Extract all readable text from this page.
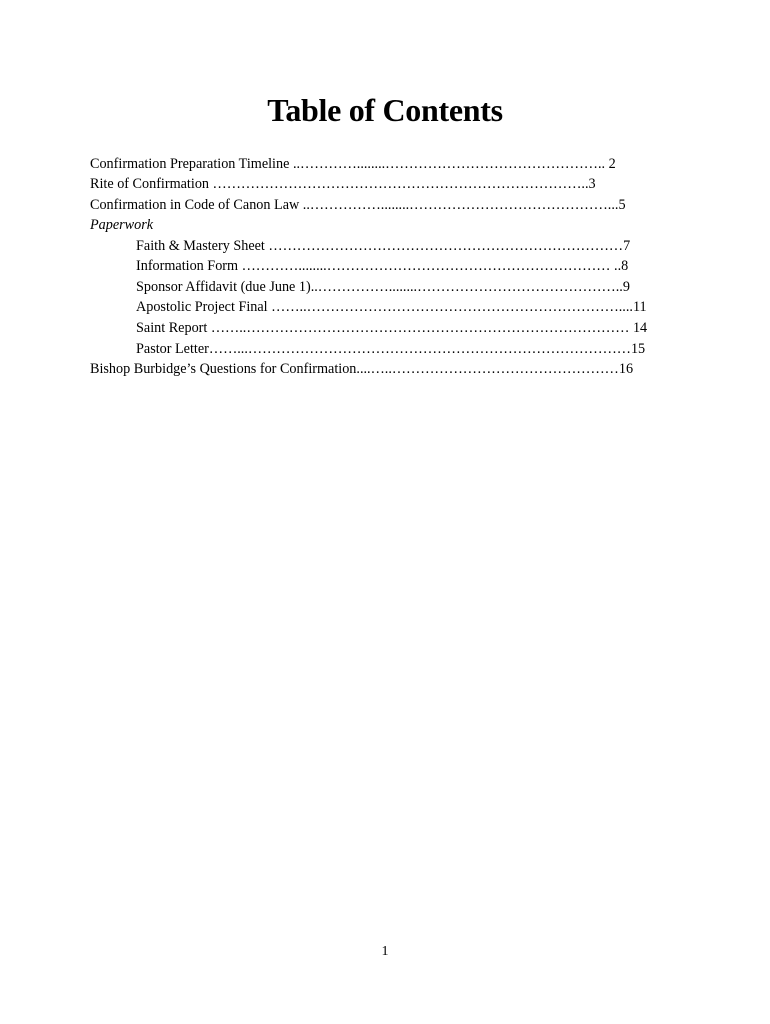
Table of Contents
Confirmation Preparation Timeline ..…………........……………………………………….. 2
Rite of Confirmation ……………………………………………………………………..3
Confirmation in Code of Canon Law ..……………........……………………………………...5
Paperwork
Faith & Mastery Sheet …………………………………………………………………7
Information Form …………........…………………………………………………… ..8
Sponsor Affidavit (due June 1)..……………........……………………………………..9
Apostolic Project Final ……..…………………………………………………………....11
Saint Report ……..……………………………………………………………………… 14
Pastor Letter……...………………………………………………………………………15
Bishop Burbidge’s Questions for Confirmation....…..…………………………………………16
1
